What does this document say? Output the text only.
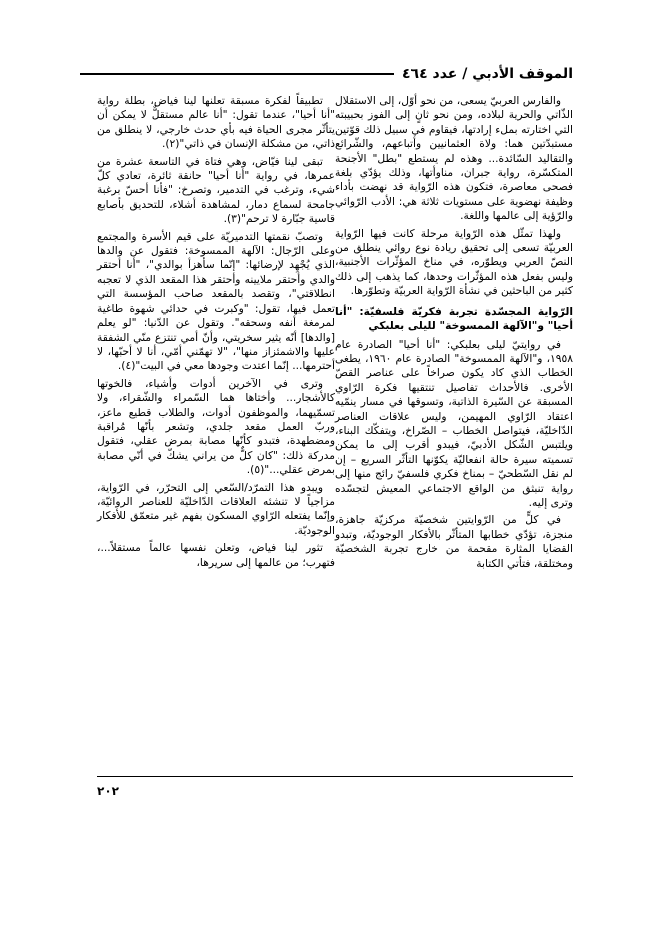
الموقف الأدبي / عدد ٤٦٤

والفارس العربيّ يسعى، من نحو أوّل، إلى الاستقلال الذّاتي والحرية لبلاده، ومن نحو ثانٍ إلى الفوز بحبيبته التي اختارته بملء إرادتها، فيقاوم في سبيل ذلك قوّتين مستبدّتين هما: ولاة العثمانيين وأتباعهم، والشّرائع والتقاليد السّائدة... وهذه لم يستطع "بطل" الأجنحة المتكسّرة، رواية جبران، مناوأتها، وذلك يؤدّي بلغة فصحى معاصرة، فتكون هذه الرّواية قد نهضت بأداء وظيفة نهضوية على مستويات ثلاثة هي: الأدب الرّوائي والرّؤية إلى عالمها واللغة.

ولهذا تمثّل هذه الرّواية مرحلة كانت فيها الرّواية العربيّة تسعى إلى تحقيق ريادة نوع روائي ينطلق من النصّ العربي ويطوّره، في مناخ المؤثّرات الأجنبية، وليس بفعل هذه المؤثّرات وحدها، كما يذهب إلى ذلك كثير من الباحثين في نشأة الرّواية العربيّة وتطوّرها.

الرّواية المجسّدة تجربة فكريّة فلسفيّة: "أنا أحيا" و"الآلهة الممسوخة" لليلى بعلبكي

في روايتيّ ليلى بعلبكي: "أنا أحيا" الصادرة عام ١٩٥٨، و"الآلهة الممسوخة" الصادرة عام ١٩٦٠، يطغى الخطاب الذي كاد يكون صراخاً على عناصر القصّ الأخرى. فالأحداث تفاصيل تنتقيها فكرة الرّاوي المسبقة عن السّيرة الذاتية، وتسوقها في مسار ينمّيه اعتقاد الرّاوي المهيمن، وليس علاقات العناصر الدّاخليّة، فيتواصل الخطاب – الصّراخ، ويتفكّك البناء، ويلتبس الشّكل الأدبيّ، فيبدو أقرب إلى ما يمكن تسميته سيرة حالة انفعاليّة يكوّنها التأثّر السريع – إن لم نقل السّطحيّ – بمناخ فكري فلسفيّ رائج منها إلى رواية تنبثق من الواقع الاجتماعي المعيش لتجسّده وترى إليه.

في كلٍّ من الرّوايتين شخصيّة مركزيّة جاهزة، منجزة، تؤدّي خطابها المتأثّر بالأفكار الوجوديّة، وتبدو القضايا المثارة مقحمة من خارج تجربة الشخصيّة ومختلقة، فتأتي الكتابة

تطبيقاً لفكرة مسبقة تعلنها لينا فياض، بطلة رواية "أنا أحيا"، عندما تقول: "أنا عالم مستقلٌّ لا يمكن أن يتأثّر مجرى الحياة فيه بأي حدث خارجي، لا ينطلق من ذاتي، من مشكلة الإنسان في ذاتي"(٢).

تبقى لينا فيّاض، وهي فتاة في التاسعة عشرة من عمرها، في رواية "أنا أحيا" حانقة ثائرة، تعادي كلّ شيء، وترغب في التدمير، وتصرخ: "فأنا أحسّ برغبة جامحة لسماع دمار، لمشاهدة أشلاء، للتحديق بأصابع قاسية جبّارة لا ترحم"(٣).

وتصبّ نقمتها التدميريّة على قيم الأسرة والمجتمع وعلى الرّجال: الآلهة الممسوخة: فتقول عن والدها الذي يُجْهِد لإرضائها: "إنّما سأهزأ بوالدي"، "أنا أحتقر والدي وأحتقر ملايينه وأحتقر هذا المقعد الذي لا تعجبه انطلاقتي"، وتقصد بالمقعد صاحب المؤسسة التي تعمل فيها، تقول: "وكبرت في حدائي شهوة طاغية لمرمغة أنفه وسحقه". وتقول عن الدّنيا: "لو يعلم [والدها] أنّه يثير سخريتي، وأنّ أمي تنتزع منّي الشفقة عليها والاشمئزاز منها"، "لا تهمّني أمّي، أنا لا أحبّها، لا أحترمها... إنّما اعتدت وجودها معي في البيت"(٤).

وترى في الآخرين أدوات وأشياء، فالخوتها كالأشجار... وأختاها هما السّمراء والشّقراء، ولا تسمّيهما، والموظفون أدوات، والطلاب قطيع ماعز، وربّ العمل مقعد جلدي، وتشعر بأنّها مُراقبة ومضطهدة، فتبدو كأنّها مصابة بمرض عقلي، فتقول مدركة ذلك: "كان كلٌّ من يراني يشكّ في أنّي مصابة بمرض عقلي..."(٥).

ويبدو هذا التمرّد/السّعي إلى التحرّر، في الرّواية، مزاجياً لا تنشئه العلاقات الدّاخليّة للعناصر الروائيّة، وإنّما يفتعله الرّاوي المسكون بفهم غير متعمّق للأفكار الوجوديّة.

تثور لينا فياض، وتعلن نفسها عالماً مستقلاً...، فتهرب؛ من عالمها إلى سريرها،

٢٠٢
